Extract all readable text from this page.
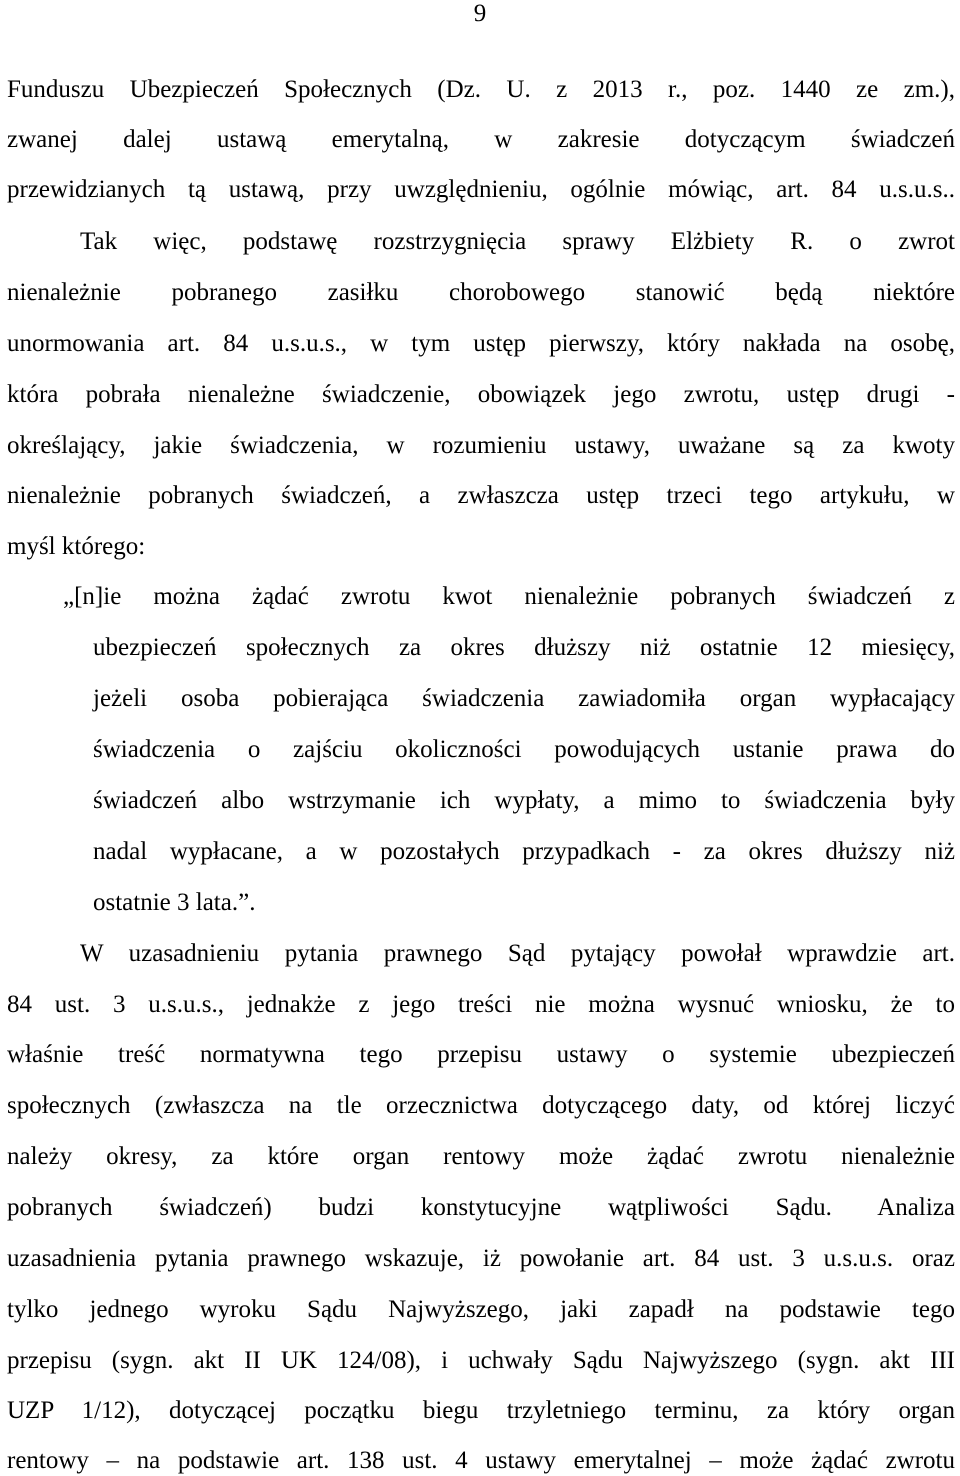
9
Funduszu Ubezpieczeń Społecznych (Dz. U. z 2013 r., poz. 1440 ze zm.),
zwanej dalej ustawą emerytalną, w zakresie dotyczącym świadczeń
przewidzianych tą ustawą, przy uwzględnieniu, ogólnie mówiąc, art. 84 u.s.u.s..
Tak więc, podstawę rozstrzygnięcia sprawy Elżbiety R. o zwrot
nienależnie pobranego zasiłku chorobowego stanowić będą niektóre
unormowania art. 84 u.s.u.s., w tym ustęp pierwszy, który nakłada na osobę,
która pobrała nienależne świadczenie, obowiązek jego zwrotu, ustęp drugi -
określający, jakie świadczenia, w rozumieniu ustawy, uważane są za kwoty
nienależnie pobranych świadczeń, a zwłaszcza ustęp trzeci tego artykułu, w
myśl którego:
„[n]ie można żądać zwrotu kwot nienależnie pobranych świadczeń z
ubezpieczeń społecznych za okres dłuższy niż ostatnie 12 miesięcy,
jeżeli osoba pobierająca świadczenia zawiadomiła organ wypłacający
świadczenia o zajściu okoliczności powodujących ustanie prawa do
świadczeń albo wstrzymanie ich wypłaty, a mimo to świadczenia były
nadal wypłacane, a w pozostałych przypadkach - za okres dłuższy niż
ostatnie 3 lata.”.
W uzasadnieniu pytania prawnego Sąd pytający powołał wprawdzie art.
84 ust. 3 u.s.u.s., jednakże z jego treści nie można wysnuć wniosku, że to
właśnie treść normatywna tego przepisu ustawy o systemie ubezpieczeń
społecznych (zwłaszcza na tle orzecznictwa dotyczącego daty, od której liczyć
należy okresy, za które organ rentowy może żądać zwrotu nienależnie
pobranych świadczeń) budzi konstytucyjne wątpliwości Sądu. Analiza
uzasadnienia pytania prawnego wskazuje, iż powołanie art. 84 ust. 3 u.s.u.s. oraz
tylko jednego wyroku Sądu Najwyższego, jaki zapadł na podstawie tego
przepisu (sygn. akt II UK 124/08), i uchwały Sądu Najwyższego (sygn. akt III
UZP 1/12), dotyczącej początku biegu trzyletniego terminu, za który organ
rentowy – na podstawie art. 138 ust. 4 ustawy emerytalnej – może żądać zwrotu
